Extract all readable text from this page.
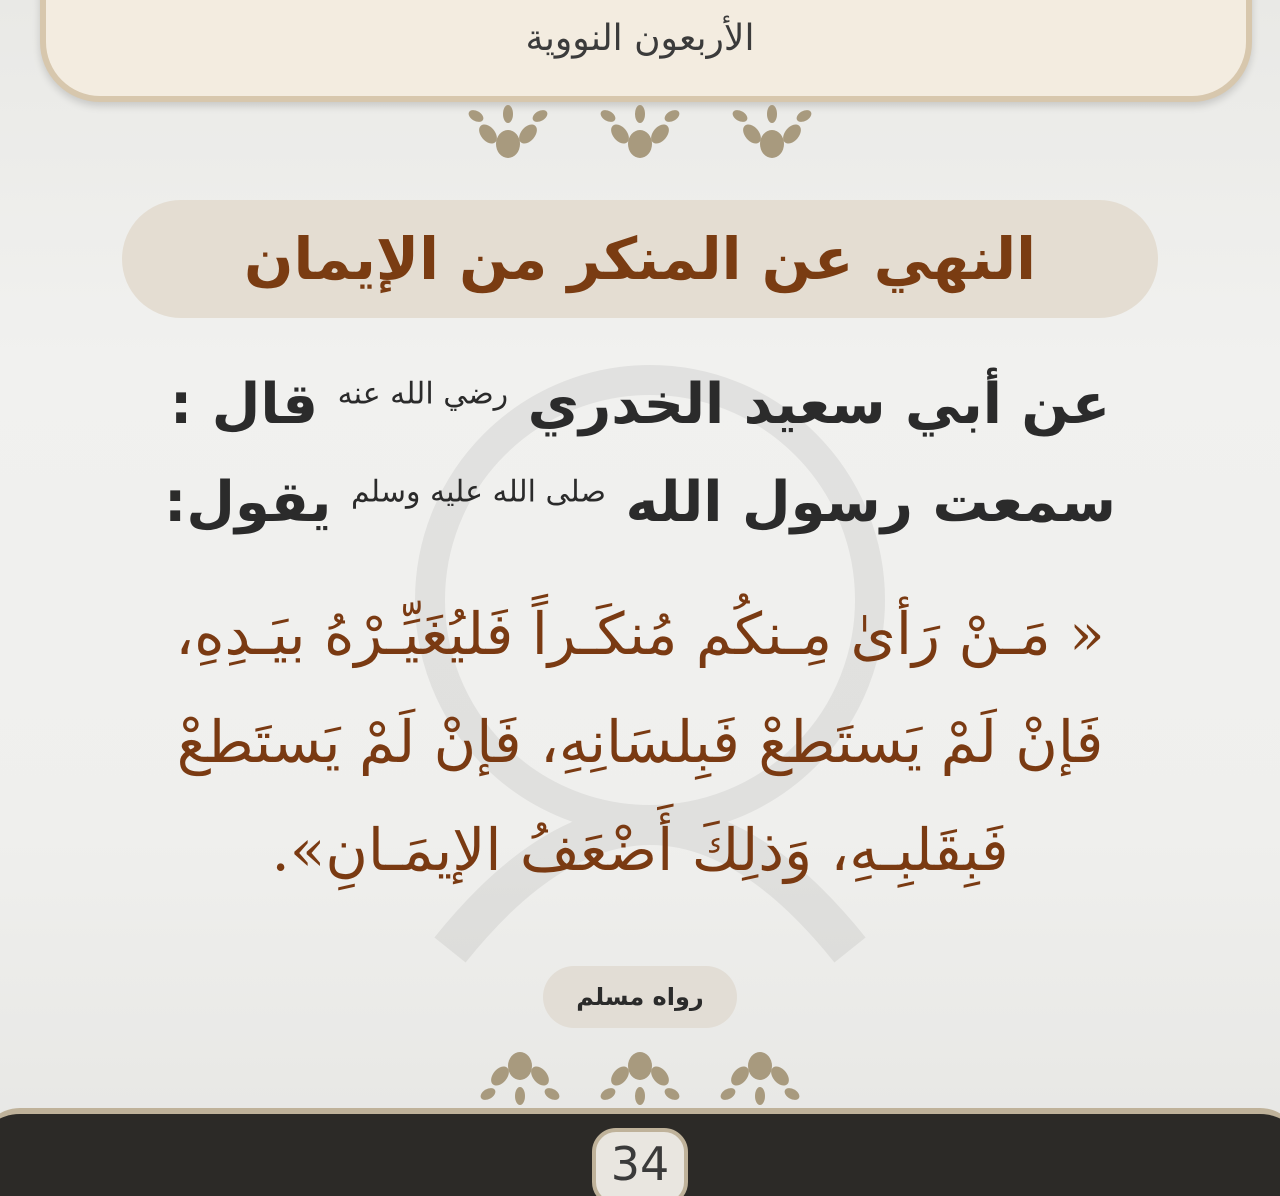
الأربعون النووية
النهي عن المنكر من الإيمان
عن أبي سعيد الخدري $^{رضي الله عنه}$ قال :
سمعت رسول الله $^{صلى الله عليه وسلم}$ يقول:
« مَـنْ رَأىٰ مِـنكُم مُنكَـراً فَليُغَيِّـرْهُ بيَـدِهِ،
فَإنْ لَمْ يَستَطعْ فَبِلسَانِهِ، فَإنْ لَمْ يَستَطعْ
فَبِقَلبِـهِ، وَذلِكَ أَضْعَفُ الإيمَـانِ».
رواه مسلم
34
